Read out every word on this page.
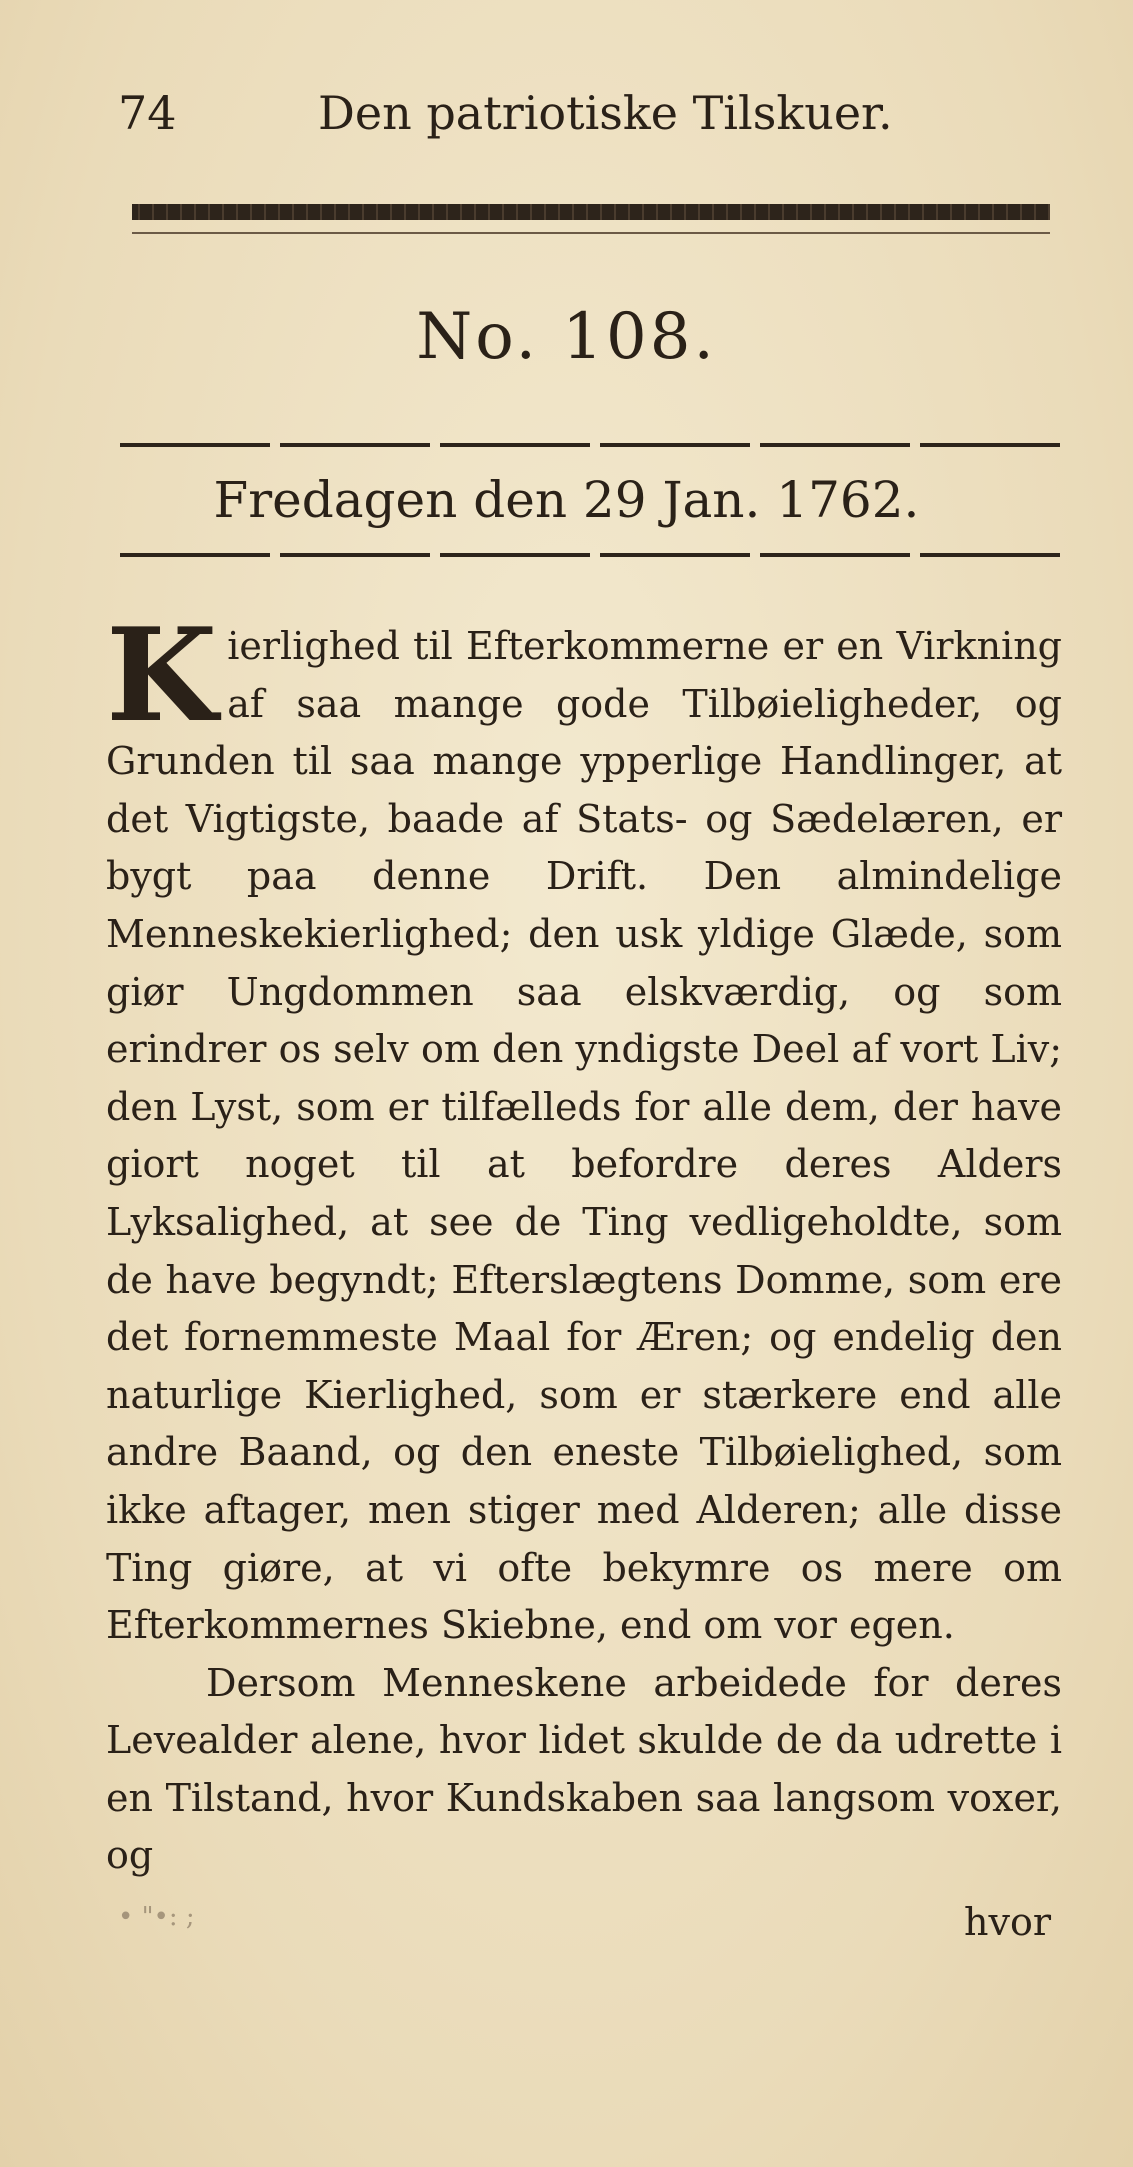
74	Den patriotiske Tilskuer.
No. 108.
Fredagen den 29 Jan. 1762.

Kierlighed til Efterkommerne er en Virkning af saa mange gode Tilbøieligheder, og Grunden til saa mange ypperlige Handlinger, at det Vigtigste, baade af Stats- og Sædelæren, er bygt paa denne Drift. Den almindelige Menneskekierlighed; den usk yldige Glæde, som giør Ungdommen saa elskværdig, og som erindrer os selv om den yndigste Deel af vort Liv; den Lyst, som er tilfælleds for alle dem, der have giort noget til at befordre deres Alders Lyksalighed, at see de Ting vedligeholdte, som de have begyndt; Efterslægtens Domme, som ere det fornemmeste Maal for Æren; og endelig den naturlige Kierlighed, som er stærkere end alle andre Baand, og den eneste Tilbøielighed, som ikke aftager, men stiger med Alderen; alle disse Ting giøre, at vi ofte bekymre os mere om Efterkommernes Skiebne, end om vor egen.

Dersom Menneskene arbeidede for deres Levealder alene, hvor lidet skulde de da udrette i en Tilstand, hvor Kundskaben saa langsom voxer, og

• "•: ;	hvor
